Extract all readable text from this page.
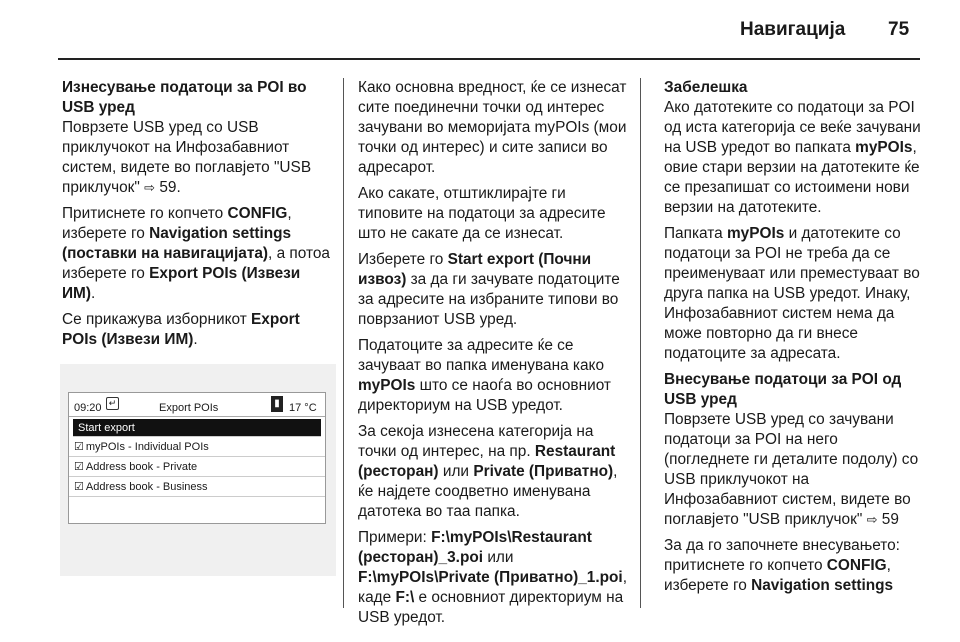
Навигација 75
Изнесување податоци за POI во USB уред

Поврзете USB уред со USB приклучокот на Инфозабавниот систем, видете во поглавјето "USB приклучок" ⇨ 59.

Притиснете го копчето CONFIG, изберете го Navigation settings (поставки на навигацијата), а потоа изберете го Export POIs (Извези ИМ).

Се прикажува изборникот Export POIs (Извези ИМ).

09:20 ↵	Export POIs	▮ 17 °C
Start export
☑ myPOIs - Individual POIs
☑ Address book - Private
☑ Address book - Business

Како основна вредност, ќе се изнесат сите поединечни точки од интерес зачувани во меморијата myPOIs (мои точки од интерес) и сите записи во адресарот.

Ако сакате, отштиклирајте ги типовите на податоци за адресите што не сакате да се изнесат.

Изберете го Start export (Почни извоз) за да ги зачувате податоците за адресите на избраните типови во поврзаниот USB уред.

Податоците за адресите ќе се зачуваат во папка именувана како myPOIs што се наоѓа во основниот директориум на USB уредот.

За секоја изнесена категорија на точки од интерес, на пр. Restaurant (ресторан) или Private (Приватно), ќе најдете соодветно именувана датотека во таа папка.

Примери: F:\myPOIs\Restaurant (ресторан)_3.poi или F:\myPOIs\Private (Приватно)_1.poi, каде F:\ е основниот директориум на USB уредот.

Забелешка

Ако датотеките со податоци за POI од иста категорија се веќе зачувани на USB уредот во папката myPOIs, овие стари верзии на датотеките ќе се презапишат со истоимени нови верзии на датотеките.

Папката myPOIs и датотеките со податоци за POI не треба да се преименуваат или преместуваат во друга папка на USB уредот. Инаку, Инфозабавниот систем нема да може повторно да ги внесе податоците за адресата.

Внесување податоци за POI од USB уред

Поврзете USB уред со зачувани податоци за POI на него (погледнете ги деталите подолу) со USB приклучокот на Инфозабавниот систем, видете во поглавјето "USB приклучок" ⇨ 59

За да го започнете внесувањето: притиснете го копчето CONFIG, изберете го Navigation settings
